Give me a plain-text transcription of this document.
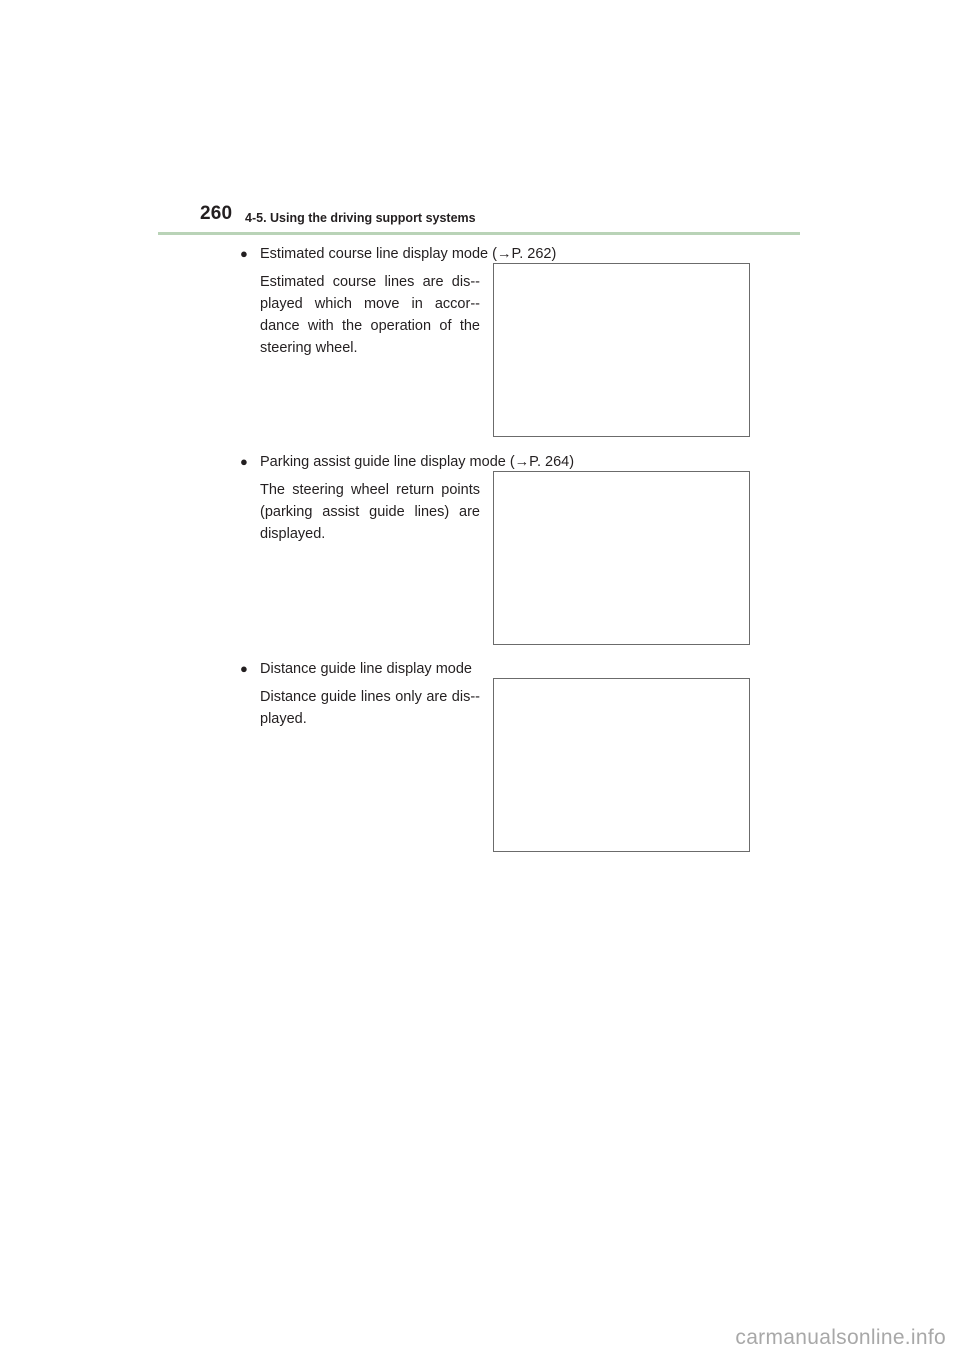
260 4-5. Using the driving support systems
● Estimated course line display mode (→P. 262)
Estimated course lines are dis-played which move in accor-dance with the operation of the steering wheel.
● Parking assist guide line display mode (→P. 264)
The steering wheel return points (parking assist guide lines) are displayed.
● Distance guide line display mode
Distance guide lines only are dis-played.
carmanualsonline.info
